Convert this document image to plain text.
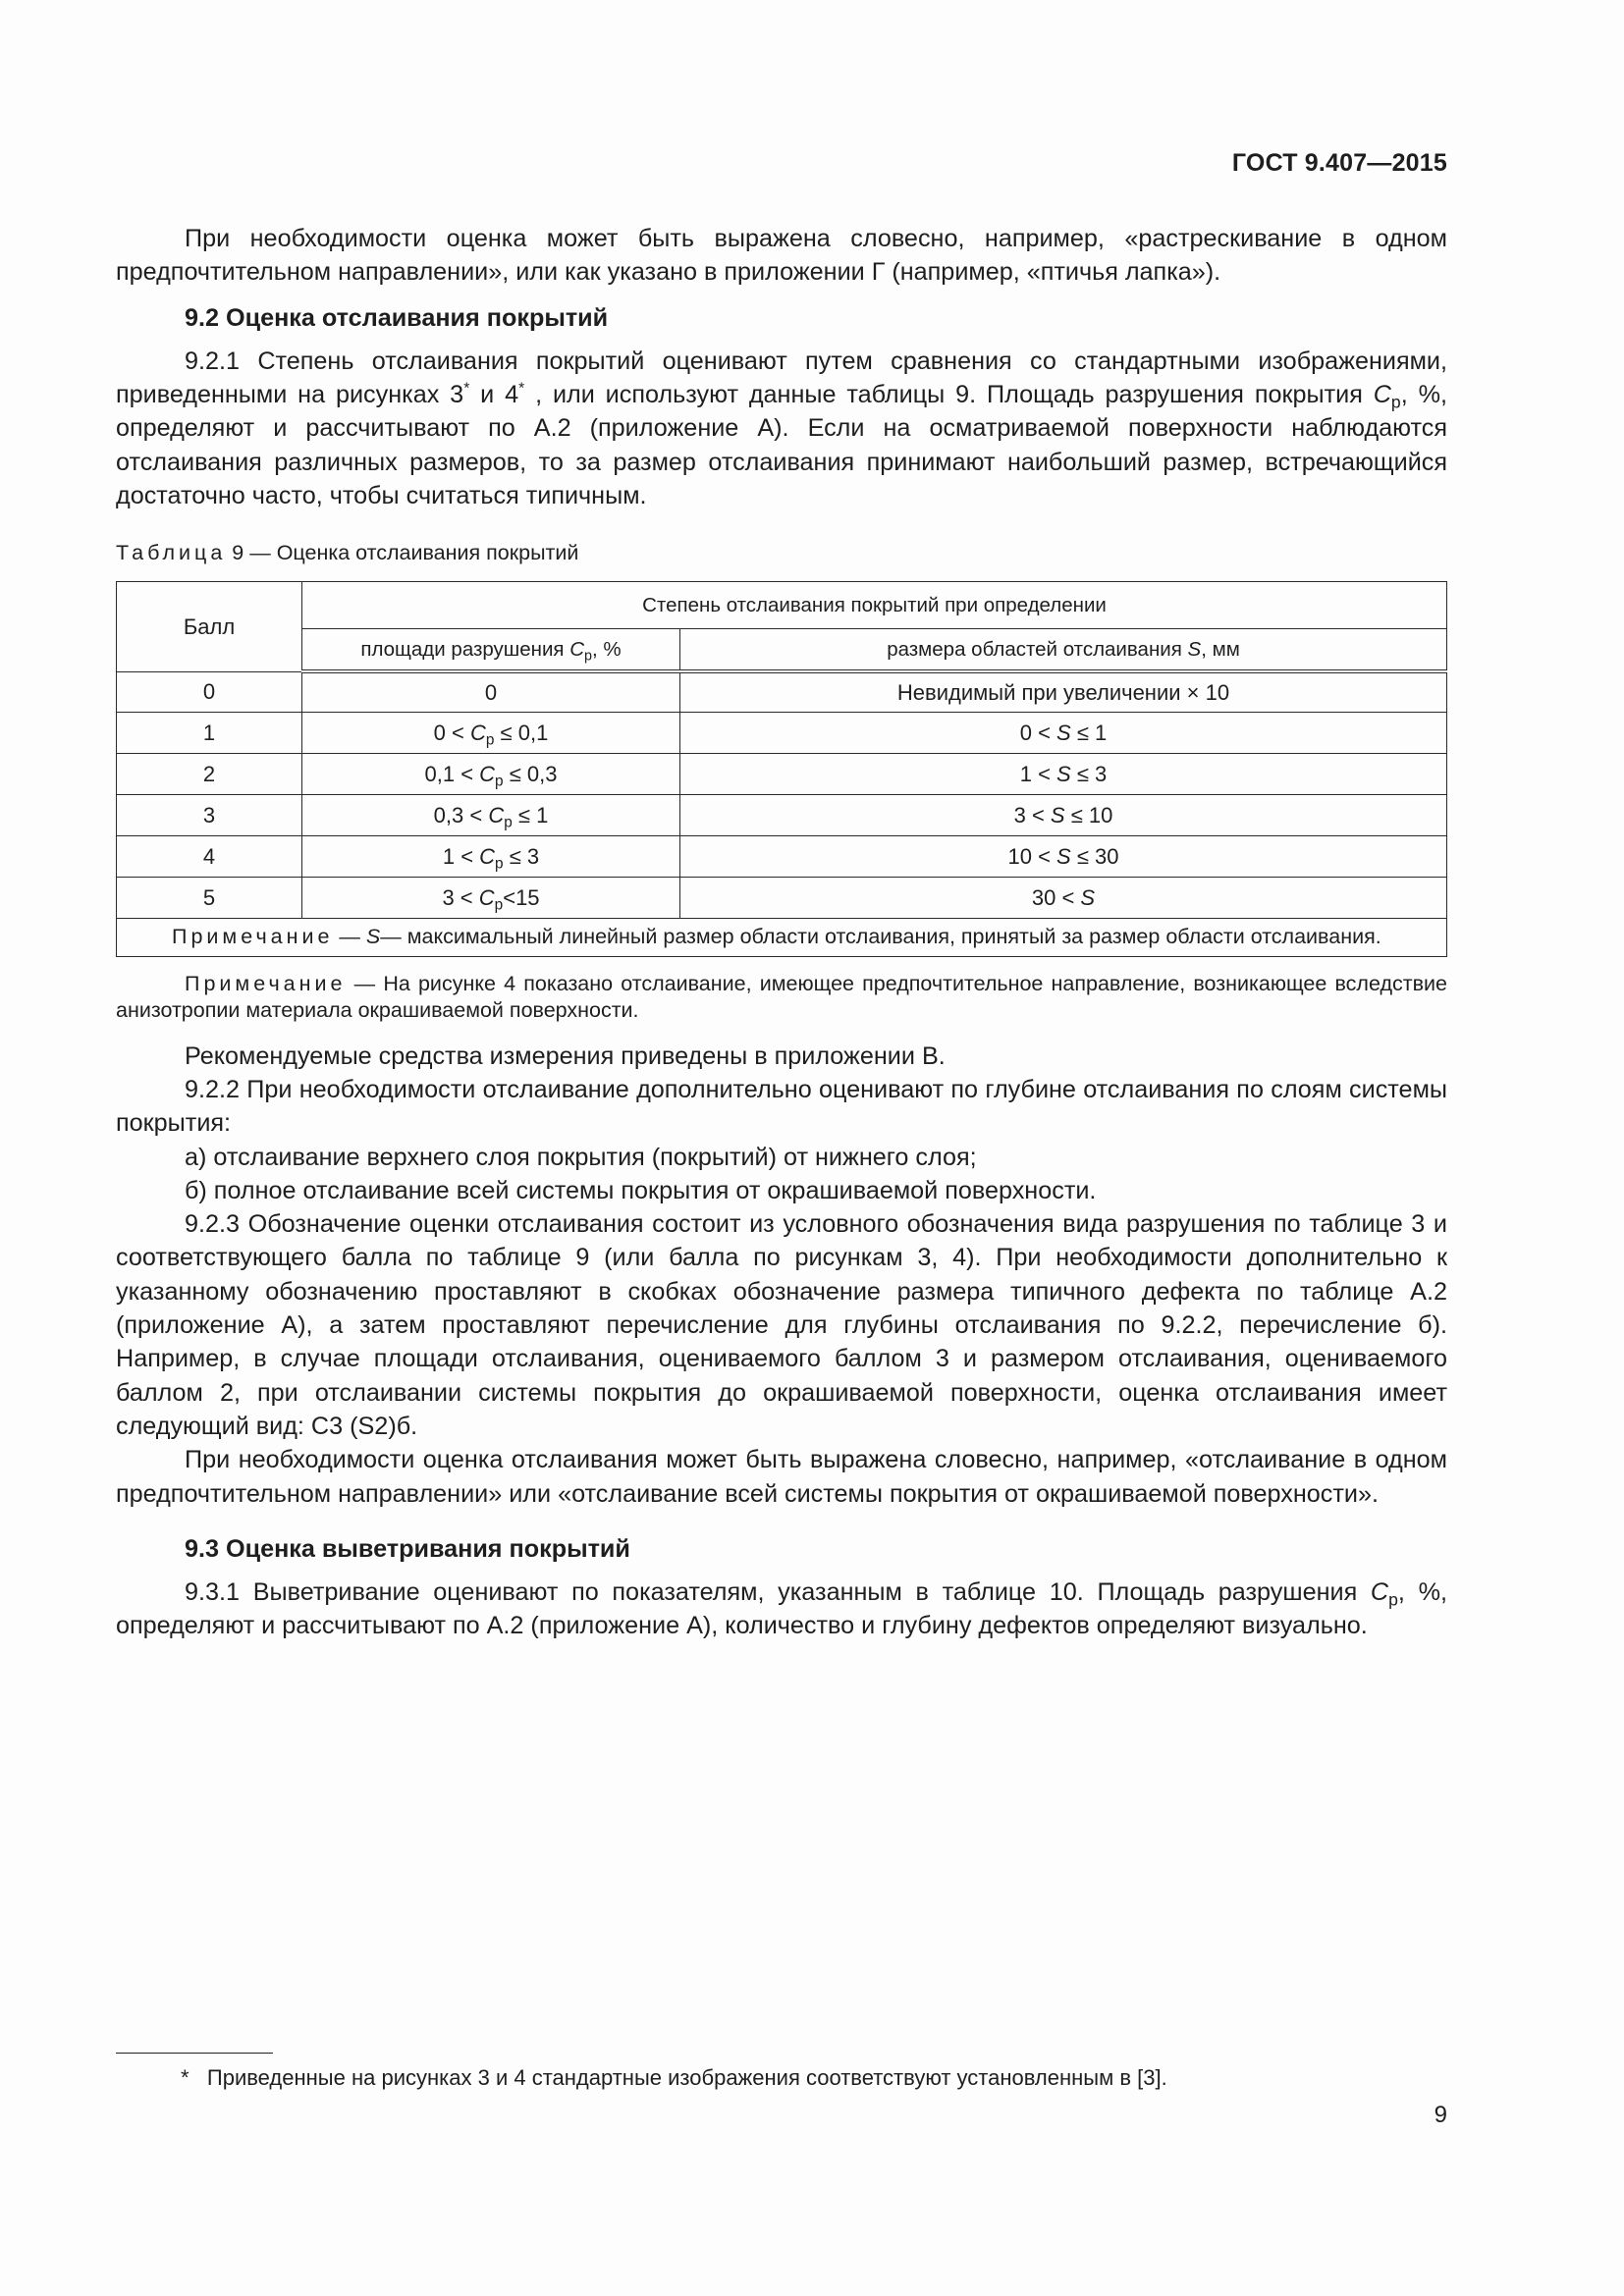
ГОСТ 9.407—2015

При необходимости оценка может быть выражена словесно, например, «растрескивание в одном предпочтительном направлении», или как указано в приложении Г (например, «птичья лапка»).

9.2 Оценка отслаивания покрытий

9.2.1 Степень отслаивания покрытий оценивают путем сравнения со стандартными изображениями, приведенными на рисунках 3* и 4* , или используют данные таблицы 9. Площадь разрушения покрытия $C_p$, %, определяют и рассчитывают по А.2 (приложение А). Если на осматриваемой поверхности наблюдаются отслаивания различных размеров, то за размер отслаивания принимают наибольший размер, встречающийся достаточно часто, чтобы считаться типичным.

Таблица 9 — Оценка отслаивания покрытий

Балл	Степень отслаивания покрытий при определении	
	площади разрушения $C_p$, %	размера областей отслаивания S, мм
0	0	Невидимый при увеличении × 10
1	$0 < C_p \le 0,1$	0 < S ≤ 1
2	$0,1 < C_p \le 0,3$	1 < S ≤ 3
3	$0,3 < C_p \le 1$	3 < S ≤ 10
4	$1 < C_p \le 3$	10 < S ≤ 30
5	$3 < C_p<15$	30 < S
Примечание — S— максимальный линейный размер области отслаивания, принятый за размер области отслаивания.		

Примечание — На рисунке 4 показано отслаивание, имеющее предпочтительное направление, возникающее вследствие анизотропии материала окрашиваемой поверхности.

Рекомендуемые средства измерения приведены в приложении В.

9.2.2 При необходимости отслаивание дополнительно оценивают по глубине отслаивания по слоям системы покрытия:

а) отслаивание верхнего слоя покрытия (покрытий) от нижнего слоя;

б) полное отслаивание всей системы покрытия от окрашиваемой поверхности.

9.2.3 Обозначение оценки отслаивания состоит из условного обозначения вида разрушения по таблице 3 и соответствующего балла по таблице 9 (или балла по рисункам 3, 4). При необходимости дополнительно к указанному обозначению проставляют в скобках обозначение размера типичного дефекта по таблице А.2 (приложение А), а затем проставляют перечисление для глубины отслаивания по 9.2.2, перечисление б). Например, в случае площади отслаивания, оцениваемого баллом 3 и размером отслаивания, оцениваемого баллом 2, при отслаивании системы покрытия до окрашиваемой поверхности, оценка отслаивания имеет следующий вид: С3 (S2)б.

При необходимости оценка отслаивания может быть выражена словесно, например, «отслаивание в одном предпочтительном направлении» или «отслаивание всей системы покрытия от окрашиваемой поверхности».

9.3 Оценка выветривания покрытий

9.3.1 Выветривание оценивают по показателям, указанным в таблице 10. Площадь разрушения $C_p$, %, определяют и рассчитывают по А.2 (приложение А), количество и глубину дефектов определяют визуально.

* Приведенные на рисунках 3 и 4 стандартные изображения соответствуют установленным в [3].
9
